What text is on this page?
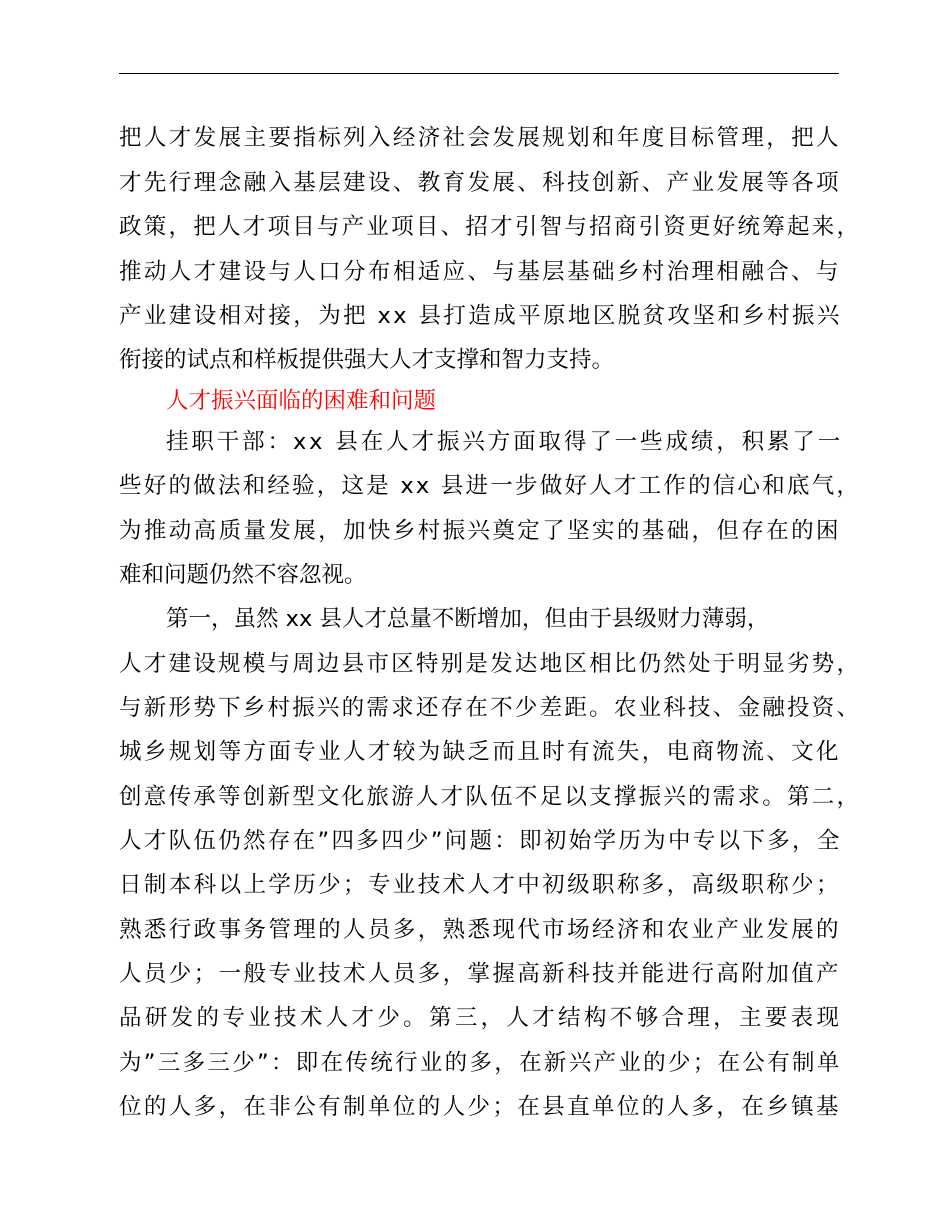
把人才发展主要指标列入经济社会发展规划和年度目标管理，把人
才先行理念融入基层建设、教育发展、科技创新、产业发展等各项
政策，把人才项目与产业项目、招才引智与招商引资更好统筹起来，
推动人才建设与人口分布相适应、与基层基础乡村治理相融合、与
产业建设相对接，为把 xx 县打造成平原地区脱贫攻坚和乡村振兴
衔接的试点和样板提供强大人才支撑和智力支持。
人才振兴面临的困难和问题
挂职干部：xx 县在人才振兴方面取得了一些成绩，积累了一
些好的做法和经验，这是 xx 县进一步做好人才工作的信心和底气，
为推动高质量发展，加快乡村振兴奠定了坚实的基础，但存在的困
难和问题仍然不容忽视。
第一，虽然 xx 县人才总量不断增加，但由于县级财力薄弱，
人才建设规模与周边县市区特别是发达地区相比仍然处于明显劣势，
与新形势下乡村振兴的需求还存在不少差距。农业科技、金融投资、
城乡规划等方面专业人才较为缺乏而且时有流失，电商物流、文化
创意传承等创新型文化旅游人才队伍不足以支撑振兴的需求。第二，
人才队伍仍然存在”四多四少”问题：即初始学历为中专以下多，全
日制本科以上学历少；专业技术人才中初级职称多，高级职称少；
熟悉行政事务管理的人员多，熟悉现代市场经济和农业产业发展的
人员少；一般专业技术人员多，掌握高新科技并能进行高附加值产
品研发的专业技术人才少。第三，人才结构不够合理，主要表现
为”三多三少”：即在传统行业的多，在新兴产业的少；在公有制单
位的人多，在非公有制单位的人少；在县直单位的人多，在乡镇基
